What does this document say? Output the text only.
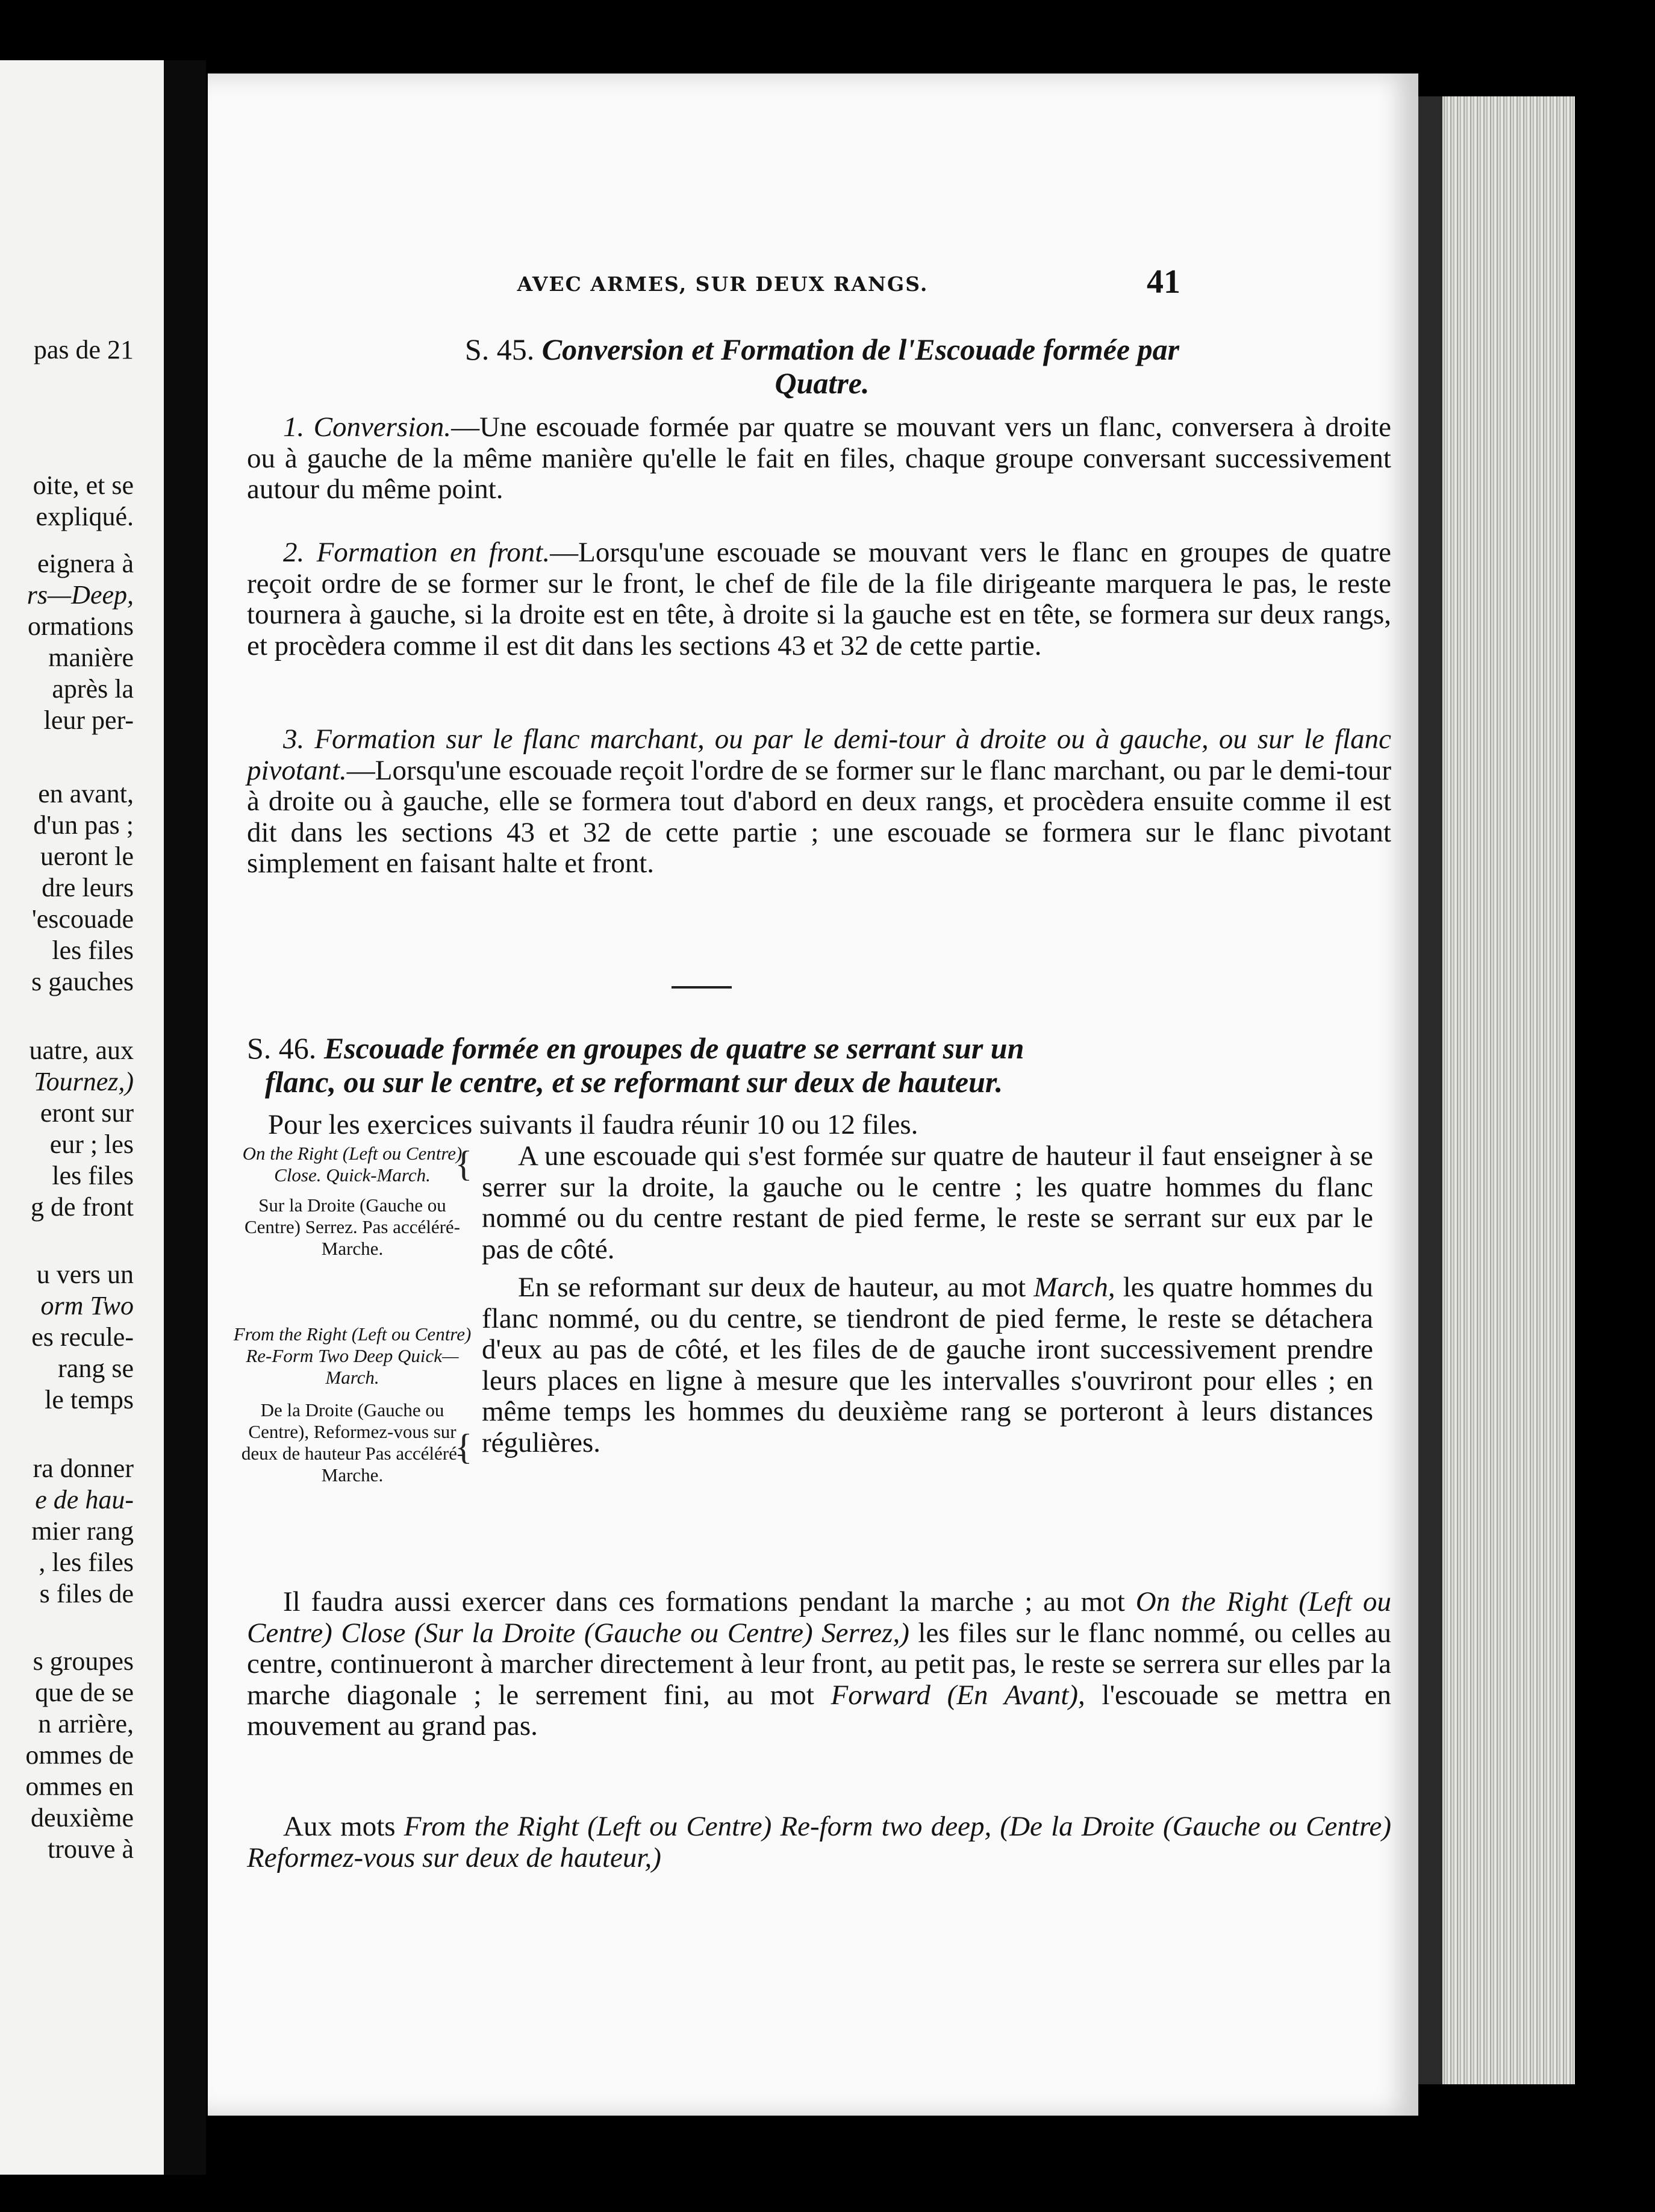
pas de 21
oite, et se
expliqué.
eignera à
rs—Deep,
ormations
manière
après la
leur per-
en avant,
d'un pas ;
ueront le
dre leurs
'escouade
les files
s gauches
uatre, aux
Tournez,)
eront sur
eur ; les
les files
g de front
u vers un
orm Two
es recule-
rang se
le temps
ra donner
e de hau-
mier rang
, les files
s files de
s groupes
que de se
n arrière,
ommes de
ommes en
deuxième
trouve à
AVEC ARMES, SUR DEUX RANGS.	41
S. 45. Conversion et Formation de l'Escouade formée par
Quatre.
1. Conversion.—Une escouade formée par quatre se mouvant vers un flanc, conversera à droite ou à gauche de la même manière qu'elle le fait en files, chaque groupe conversant successivement autour du même point.
2. Formation en front.—Lorsqu'une escouade se mouvant vers le flanc en groupes de quatre reçoit ordre de se former sur le front, le chef de file de la file dirigeante marquera le pas, le reste tournera à gauche, si la droite est en tête, à droite si la gauche est en tête, se formera sur deux rangs, et procèdera comme il est dit dans les sections 43 et 32 de cette partie.
3. Formation sur le flanc marchant, ou par le demi-tour à droite ou à gauche, ou sur le flanc pivotant.—Lorsqu'une escouade reçoit l'ordre de se former sur le flanc marchant, ou par le demi-tour à droite ou à gauche, elle se formera tout d'abord en deux rangs, et procèdera ensuite comme il est dit dans les sections 43 et 32 de cette partie ; une escouade se formera sur le flanc pivotant simplement en faisant halte et front.
S. 46. Escouade formée en groupes de quatre se serrant sur un
flanc, ou sur le centre, et se reformant sur deux de hauteur.
Pour les exercices suivants il faudra réunir 10 ou 12 files.
On the Right (Left ou Centre) Close. Quick-March.
Sur la Droite (Gauche ou Centre) Serrez. Pas accéléré-Marche.
{	A une escouade qui s'est formée sur quatre de hauteur il faut enseigner à se serrer sur la droite, la gauche ou le centre ; les quatre hommes du flanc nommé ou du centre restant de pied ferme, le reste se serrant sur eux par le pas de côté.
From the Right (Left ou Centre) Re-Form Two Deep Quick—March.
De la Droite (Gauche ou Centre), Reformez-vous sur deux de hauteur Pas accéléré-Marche.
{
En se reformant sur deux de hauteur, au mot March, les quatre hommes du flanc nommé, ou du centre, se tiendront de pied ferme, le reste se détachera d'eux au pas de côté, et les files de de gauche iront successivement prendre leurs places en ligne à mesure que les intervalles s'ouvriront pour elles ; en même temps les hommes du deuxième rang se porteront à leurs distances régulières.
Il faudra aussi exercer dans ces formations pendant la marche ; au mot On the Right (Left ou Centre) Close (Sur la Droite (Gauche ou Centre) Serrez,) les files sur le flanc nommé, ou celles au centre, continueront à marcher directement à leur front, au petit pas, le reste se serrera sur elles par la marche diagonale ; le serrement fini, au mot Forward (En Avant), l'escouade se mettra en mouvement au grand pas.
Aux mots From the Right (Left ou Centre) Re-form two deep, (De la Droite (Gauche ou Centre) Reformez-vous sur deux de hauteur,)
